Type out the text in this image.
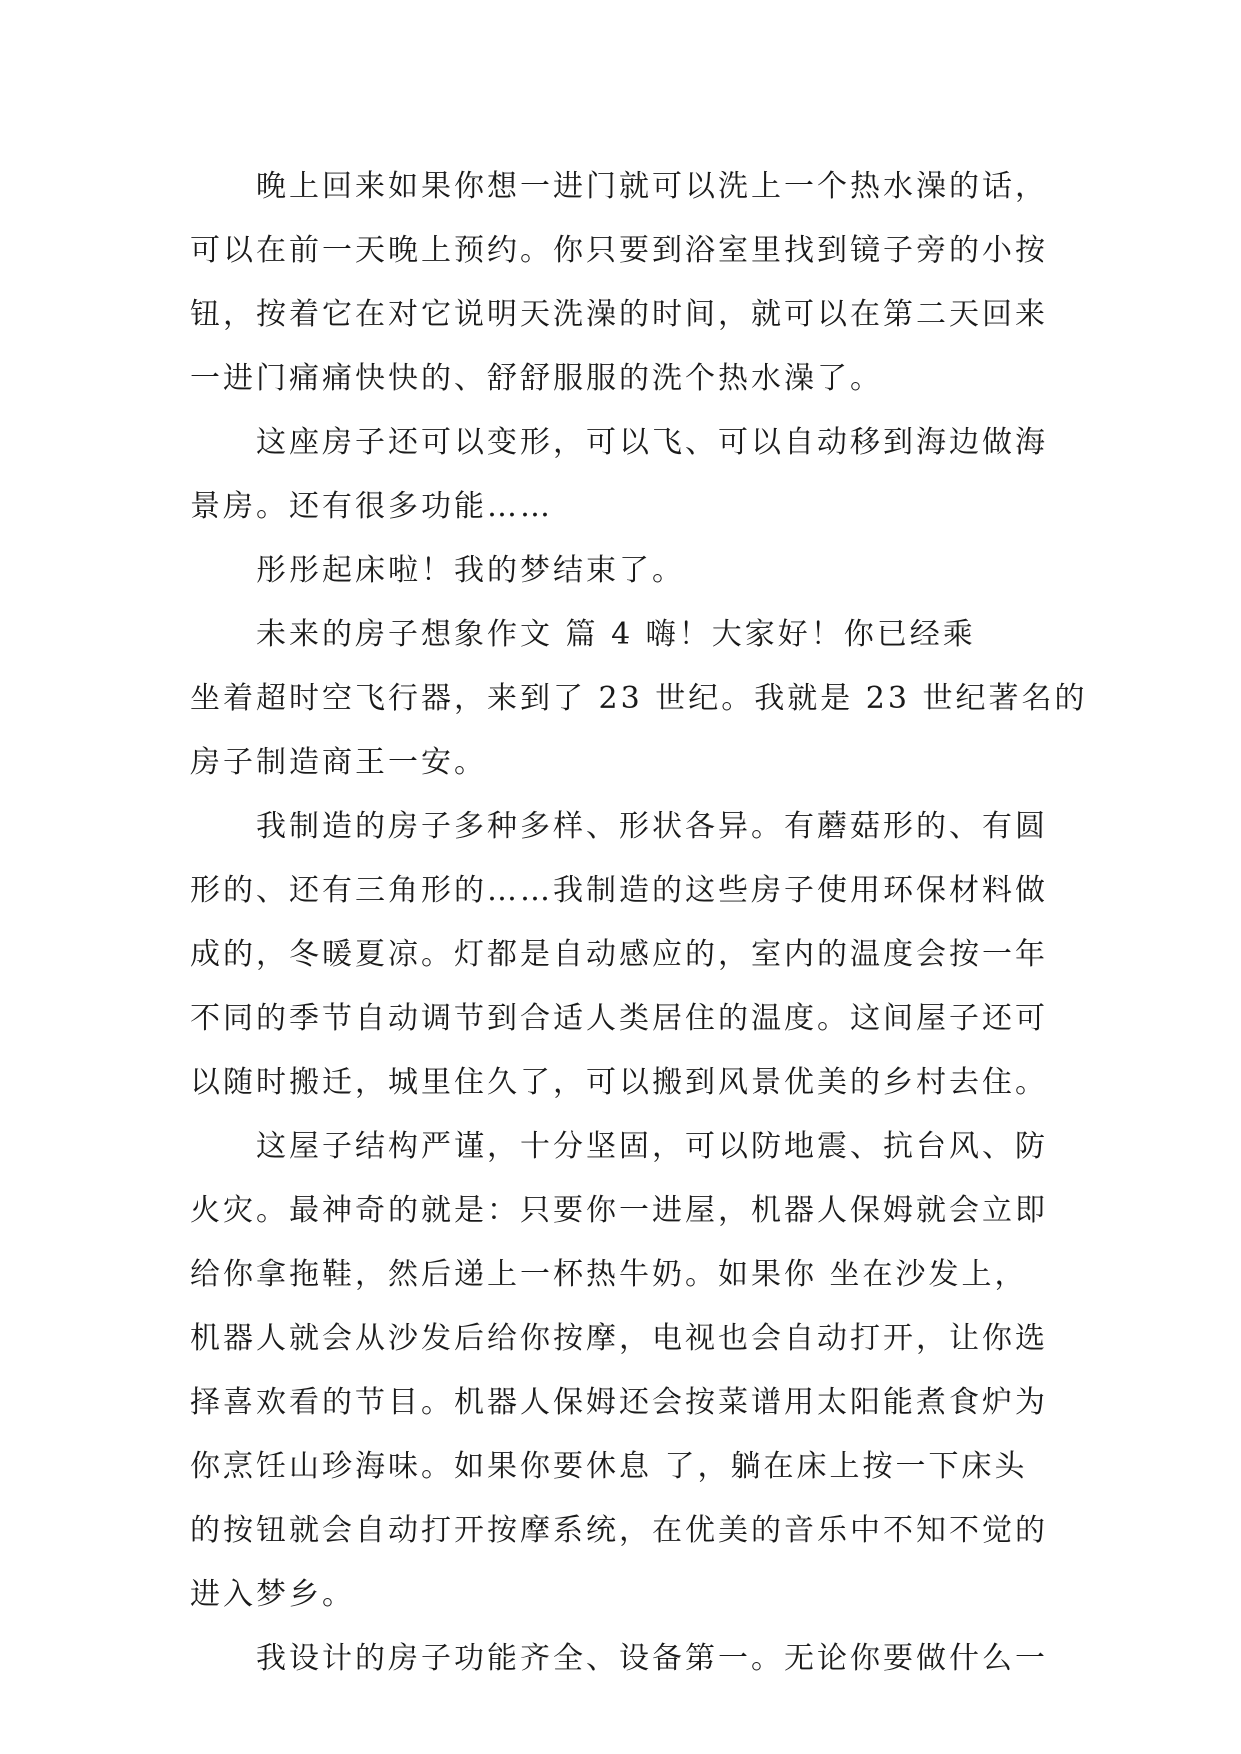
晚上回来如果你想一进门就可以洗上一个热水澡的话，
可以在前一天晚上预约。你只要到浴室里找到镜子旁的小按
钮，按着它在对它说明天洗澡的时间，就可以在第二天回来
一进门痛痛快快的、舒舒服服的洗个热水澡了。
这座房子还可以变形，可以飞、可以自动移到海边做海
景房。还有很多功能……
彤彤起床啦！我的梦结束了。
未来的房子想象作文 篇 4 嗨！大家好！你已经乘
坐着超时空飞行器，来到了 23 世纪。我就是 23 世纪著名的
房子制造商王一安。
我制造的房子多种多样、形状各异。有蘑菇形的、有圆
形的、还有三角形的……我制造的这些房子使用环保材料做
成的，冬暖夏凉。灯都是自动感应的，室内的温度会按一年
不同的季节自动调节到合适人类居住的温度。这间屋子还可
以随时搬迁，城里住久了，可以搬到风景优美的乡村去住。
这屋子结构严谨，十分坚固，可以防地震、抗台风、防
火灾。最神奇的就是：只要你一进屋，机器人保姆就会立即
给你拿拖鞋，然后递上一杯热牛奶。如果你 坐在沙发上，
机器人就会从沙发后给你按摩，电视也会自动打开，让你选
择喜欢看的节目。机器人保姆还会按菜谱用太阳能煮食炉为
你烹饪山珍海味。如果你要休息 了，躺在床上按一下床头
的按钮就会自动打开按摩系统，在优美的音乐中不知不觉的
进入梦乡。
我设计的房子功能齐全、设备第一。无论你要做什么一
